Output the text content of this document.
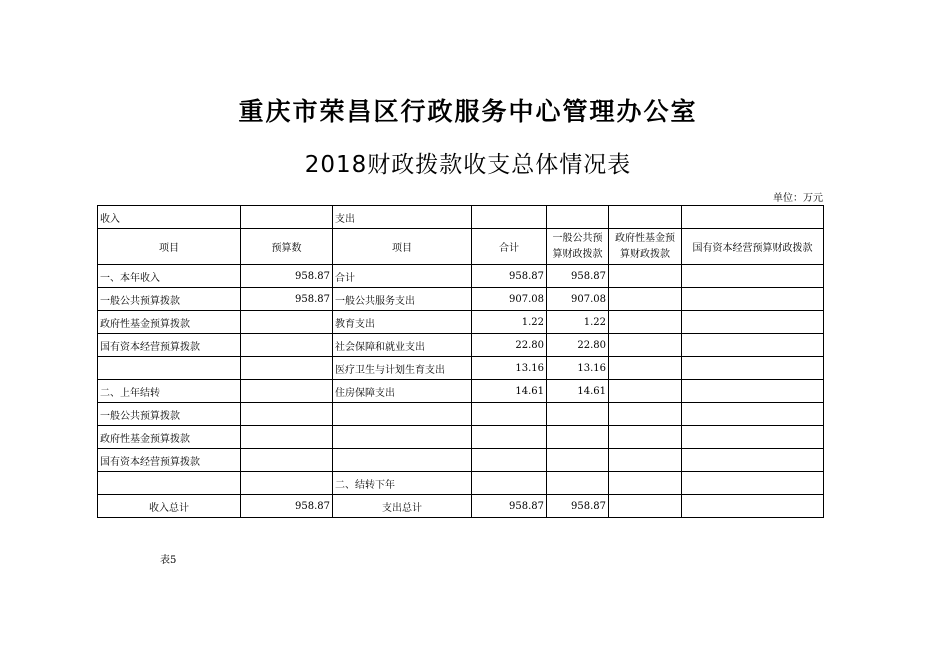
重庆市荣昌区行政服务中心管理办公室
2018财政拨款收支总体情况表
单位：万元
收入		支出				
项目	预算数	项目	合计	一般公共预算财政拨款	政府性基金预算财政拨款	国有资本经营预算财政拨款
一、本年收入	958.87	合计	958.87	958.87		
一般公共预算拨款	958.87	一般公共服务支出	907.08	907.08		
政府性基金预算拨款		教育支出	1.22	1.22		
国有资本经营预算拨款		社会保障和就业支出	22.80	22.80		
		医疗卫生与计划生育支出	13.16	13.16		
二、上年结转		住房保障支出	14.61	14.61		
一般公共预算拨款						
政府性基金预算拨款						
国有资本经营预算拨款						
		二、结转下年				
收入总计	958.87	支出总计	958.87	958.87		
表5
